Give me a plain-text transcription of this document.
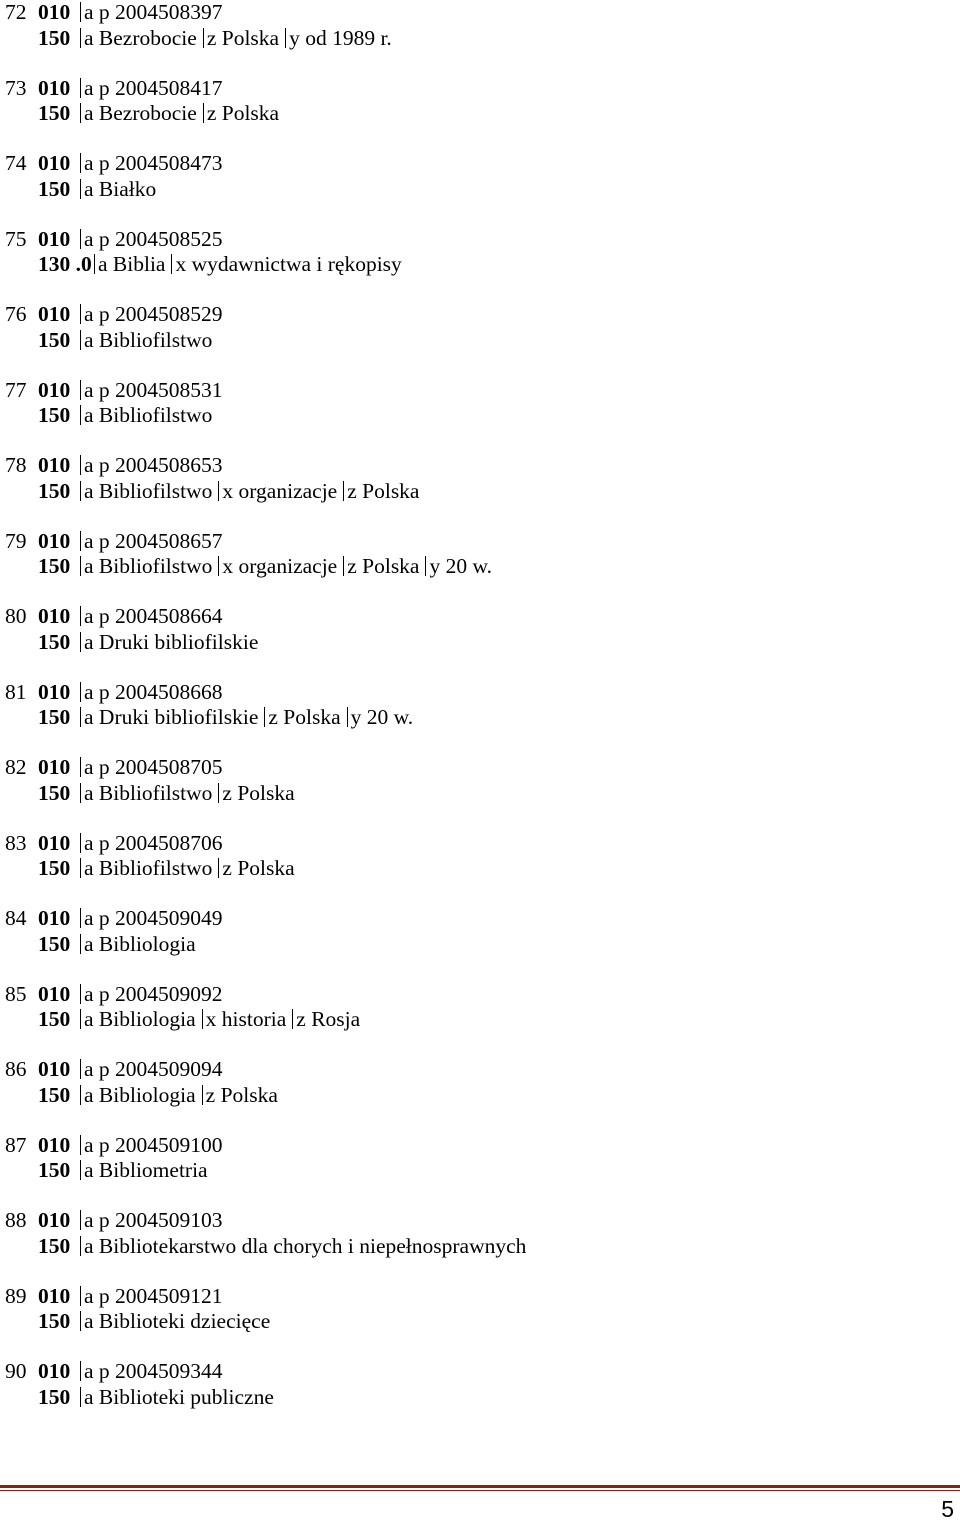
72 010 a p 2004508397
150 a Bezrobocie z Polska y od 1989 r.
73 010 a p 2004508417
150 a Bezrobocie z Polska
74 010 a p 2004508473
150 a Białko
75 010 a p 2004508525
130 .0 a Biblia x wydawnictwa i rękopisy
76 010 a p 2004508529
150 a Bibliofilstwo
77 010 a p 2004508531
150 a Bibliofilstwo
78 010 a p 2004508653
150 a Bibliofilstwo x organizacje z Polska
79 010 a p 2004508657
150 a Bibliofilstwo x organizacje z Polska y 20 w.
80 010 a p 2004508664
150 a Druki bibliofilskie
81 010 a p 2004508668
150 a Druki bibliofilskie z Polska y 20 w.
82 010 a p 2004508705
150 a Bibliofilstwo z Polska
83 010 a p 2004508706
150 a Bibliofilstwo z Polska
84 010 a p 2004509049
150 a Bibliologia
85 010 a p 2004509092
150 a Bibliologia x historia z Rosja
86 010 a p 2004509094
150 a Bibliologia z Polska
87 010 a p 2004509100
150 a Bibliometria
88 010 a p 2004509103
150 a Bibliotekarstwo dla chorych i niepełnosprawnych
89 010 a p 2004509121
150 a Biblioteki dziecięce
90 010 a p 2004509344
150 a Biblioteki publiczne
5
